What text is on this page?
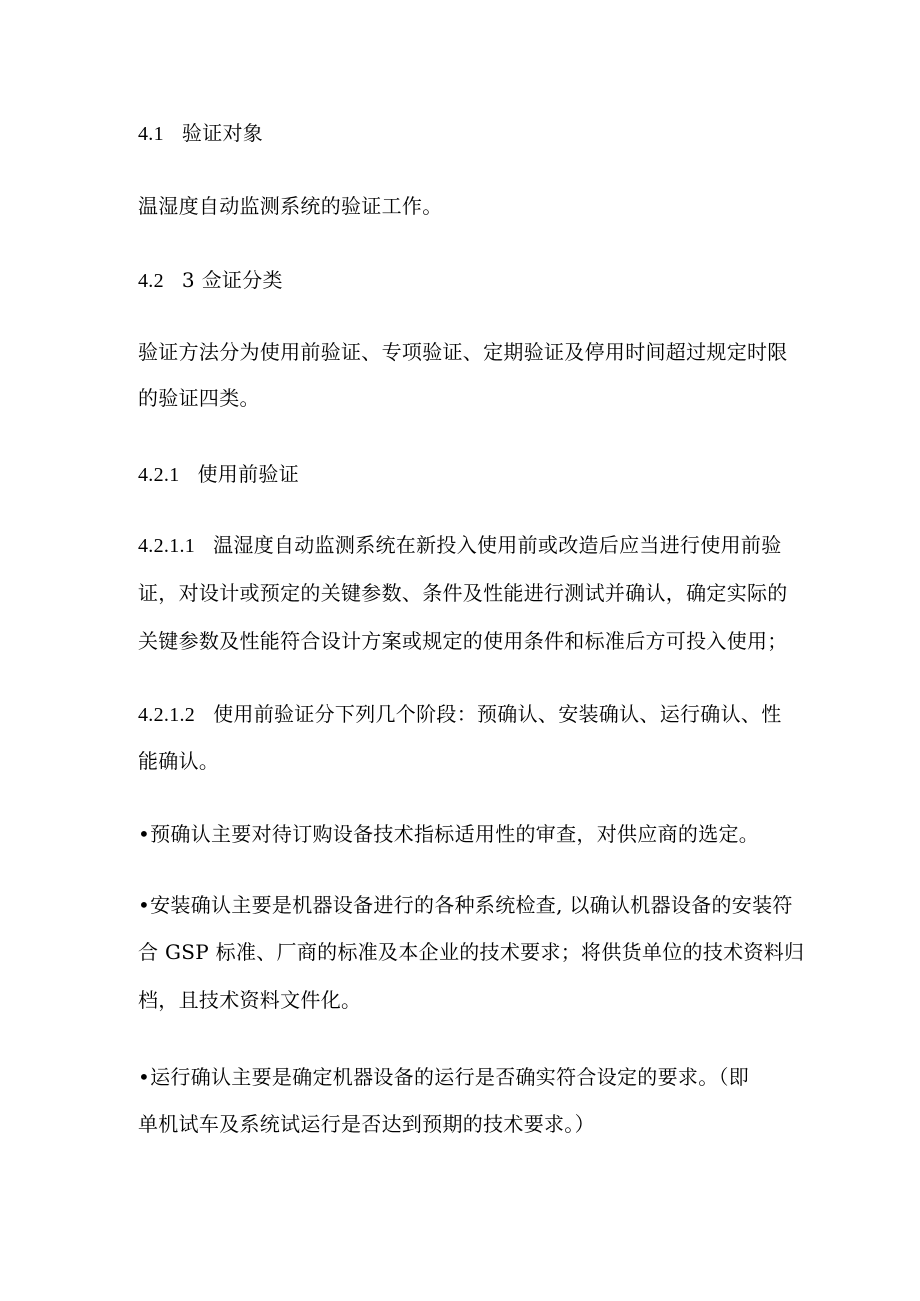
4.1 验证对象
温湿度自动监测系统的验证工作。
4.2 3 佥证分类
验证方法分为使用前验证、专项验证、定期验证及停用时间超过规定时限
的验证四类。
4.2.1 使用前验证
4.2.1.1 温湿度自动监测系统在新投入使用前或改造后应当进行使用前验
证，对设计或预定的关键参数、条件及性能进行测试并确认，确定实际的
关键参数及性能符合设计方案或规定的使用条件和标准后方可投入使用；
4.2.1.2 使用前验证分下列几个阶段：预确认、安装确认、运行确认、性
能确认。
•预确认主要对待订购设备技术指标适用性的审查，对供应商的选定。
•安装确认主要是机器设备进行的各种系统检查, 以确认机器设备的安装符
合 GSP 标准、厂商的标准及本企业的技术要求；将供货单位的技术资料归
档，且技术资料文件化。
•运行确认主要是确定机器设备的运行是否确实符合设定的要求。（即
单机试车及系统试运行是否达到预期的技术要求。）
